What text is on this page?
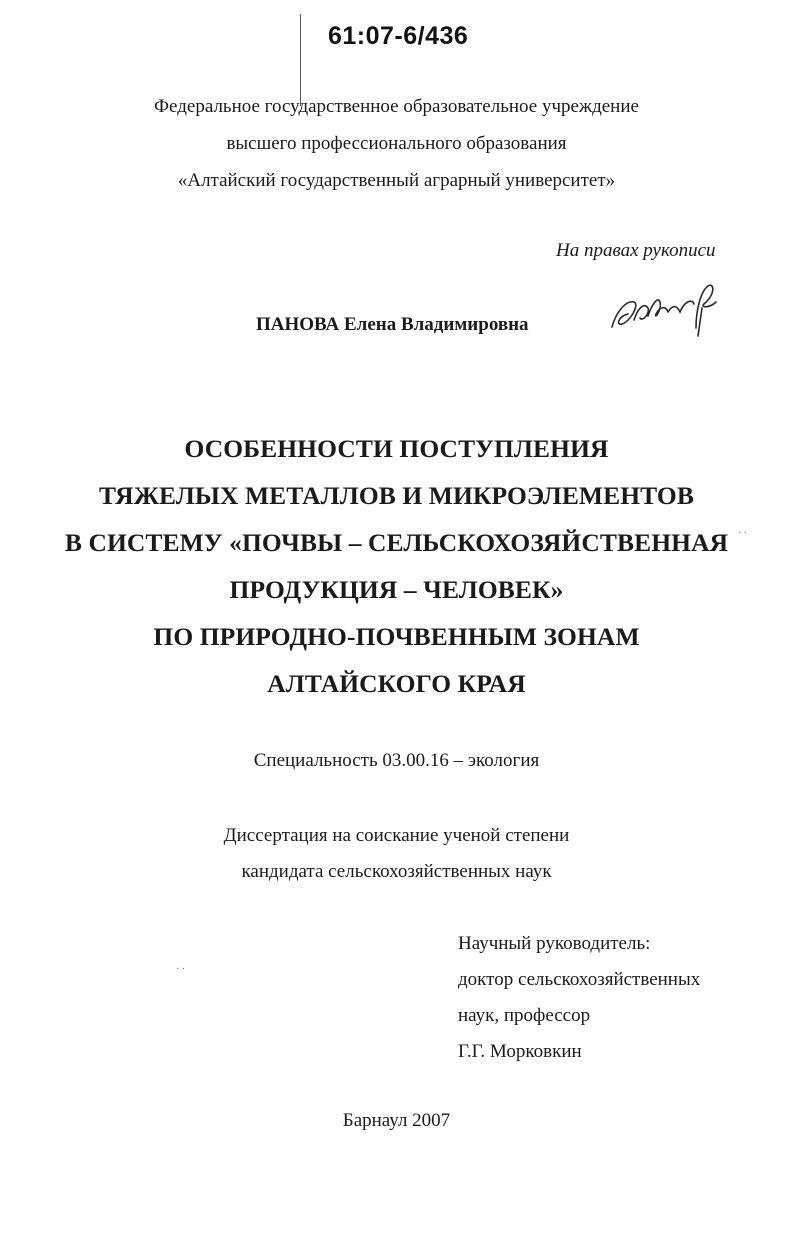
61:07-6/436
Федеральное государственное образовательное учреждение
высшего профессионального образования
«Алтайский государственный аграрный университет»
На правах рукописи
ПАНОВА Елена Владимировна
ОСОБЕННОСТИ ПОСТУПЛЕНИЯ
ТЯЖЕЛЫХ МЕТАЛЛОВ И МИКРОЭЛЕМЕНТОВ
В СИСТЕМУ «ПОЧВЫ – СЕЛЬСКОХОЗЯЙСТВЕННАЯ
ПРОДУКЦИЯ – ЧЕЛОВЕК»
ПО ПРИРОДНО-ПОЧВЕННЫМ ЗОНАМ
АЛТАЙСКОГО КРАЯ
‧ ‧
Специальность 03.00.16 – экология
Диссертация на соискание ученой степени
кандидата сельскохозяйственных наук
· ·
Научный руководитель:
доктор сельскохозяйственных
наук, профессор
Г.Г. Морковкин
Барнаул 2007
